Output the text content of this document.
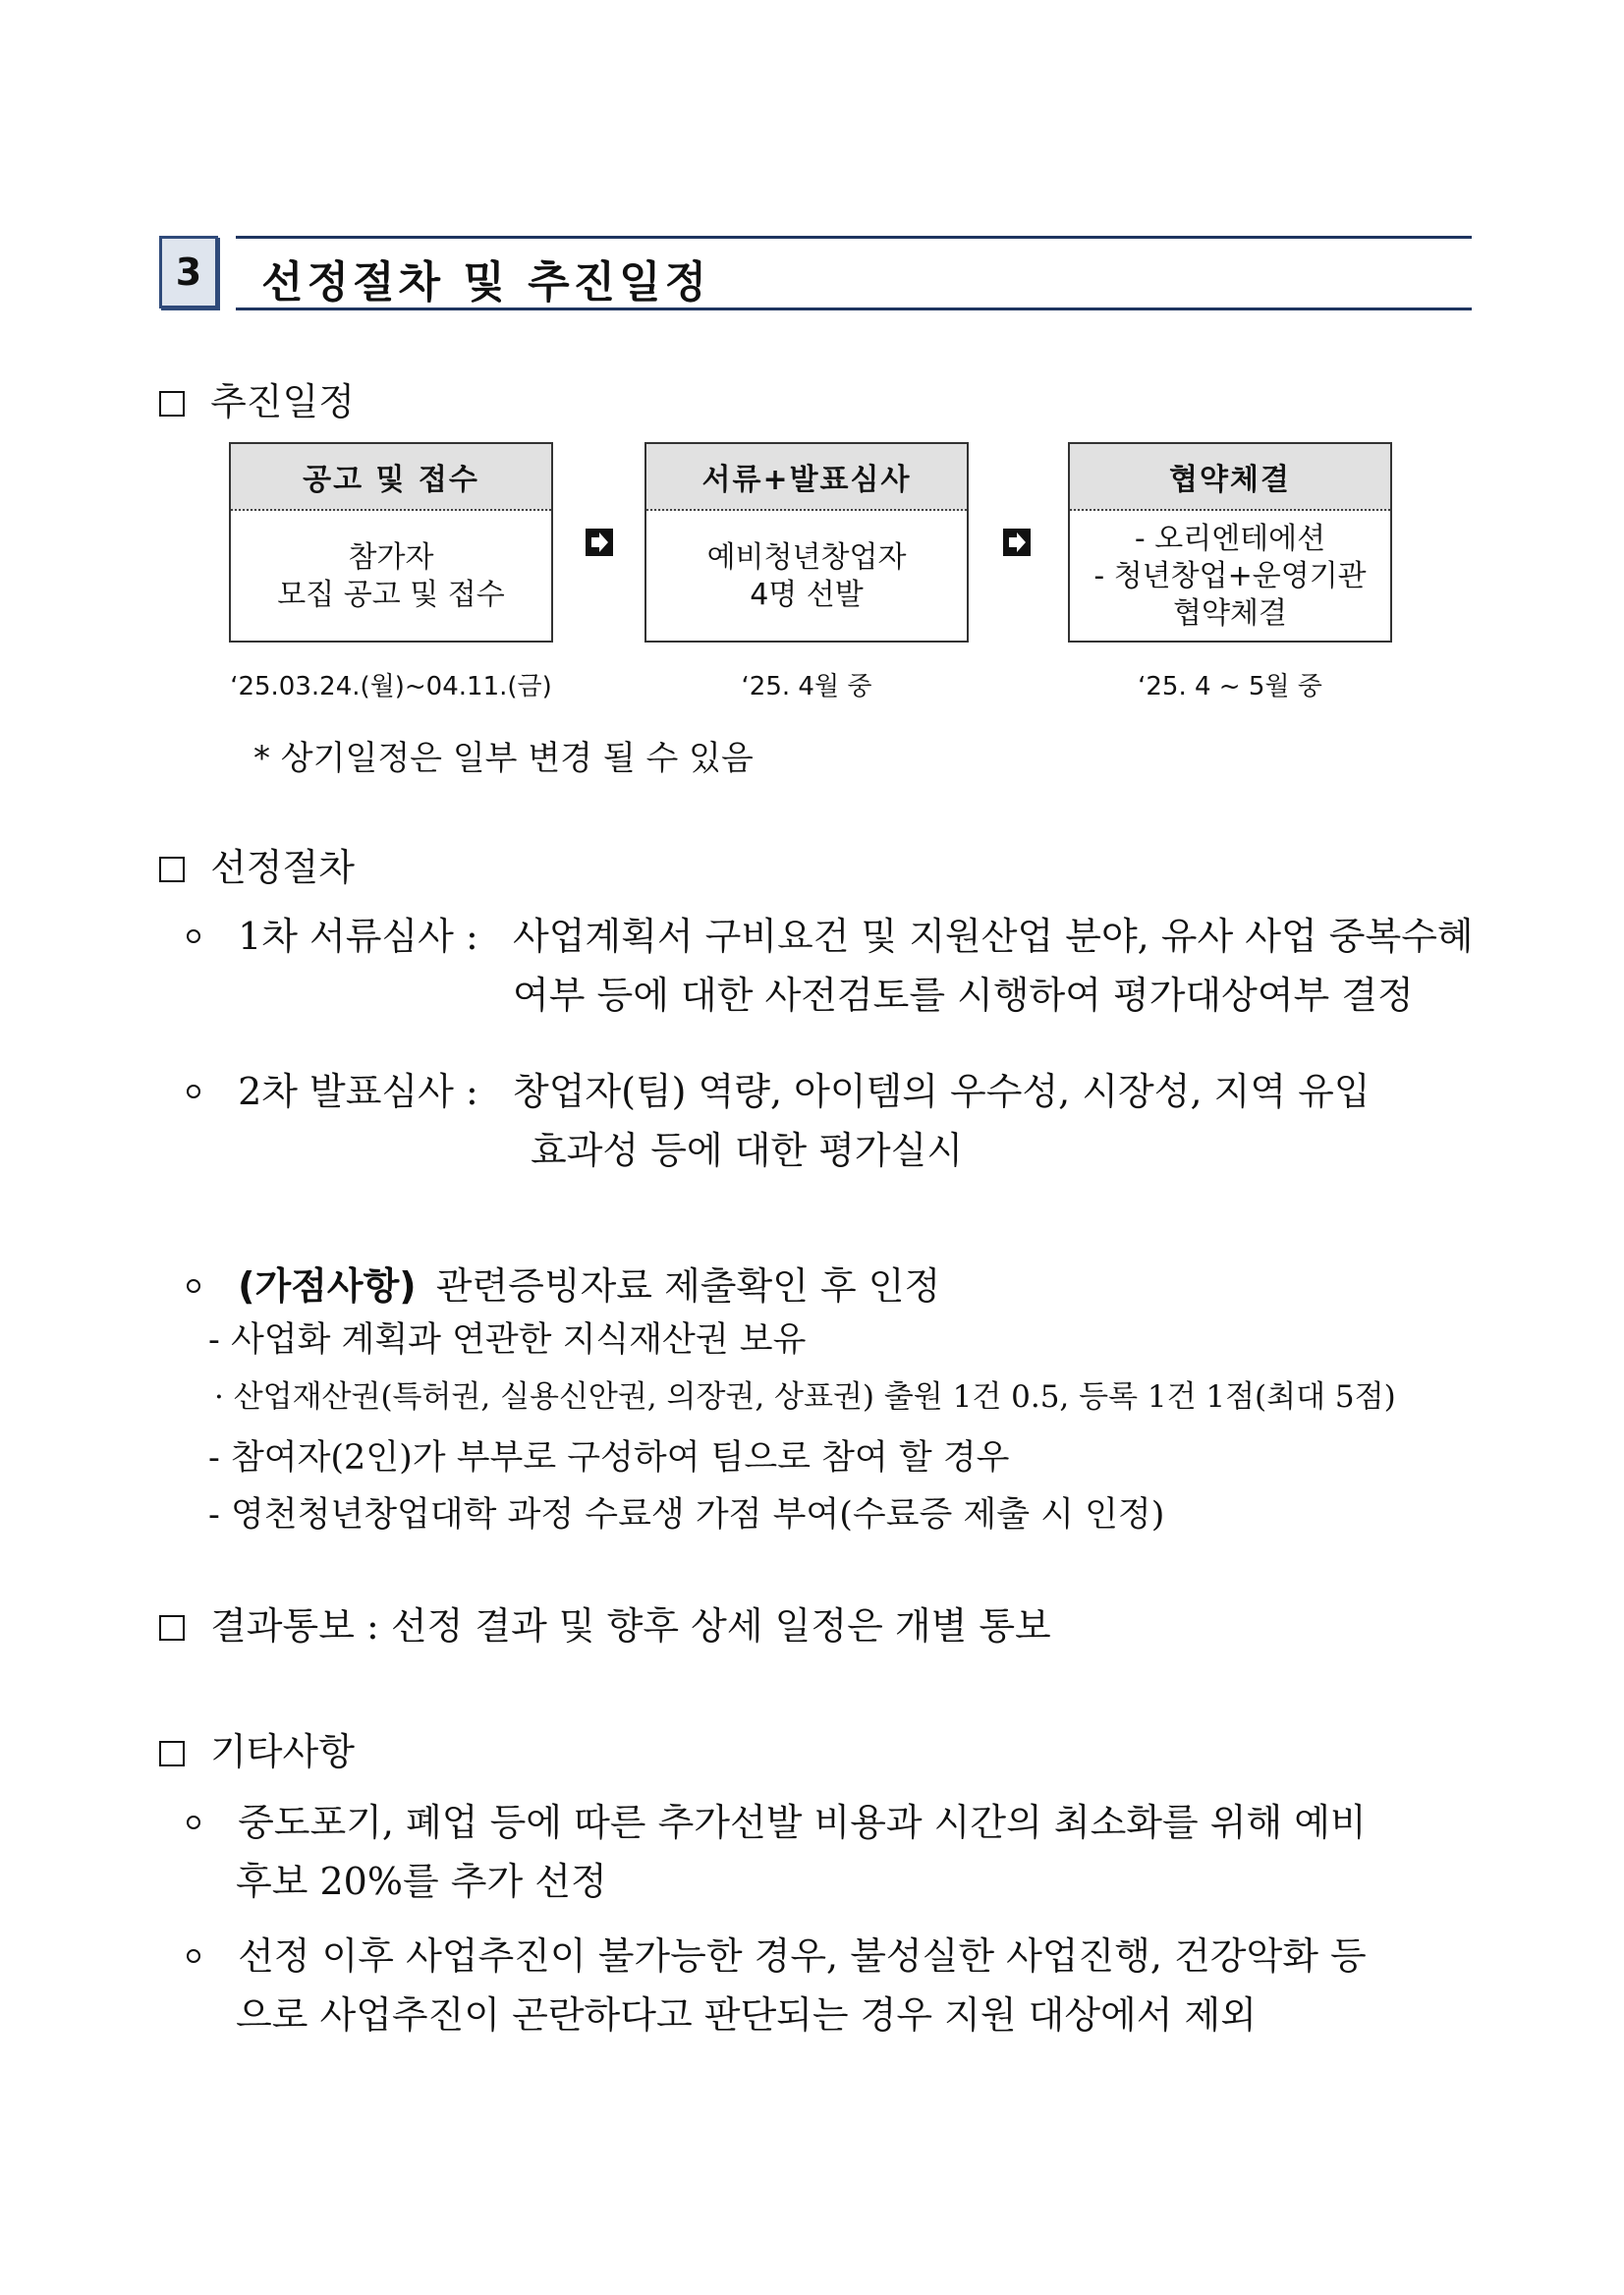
3	선정절차 및 추진일정
추진일정
공고 및 접수
참가자
모집 공고 및 접수
서류+발표심사
예비청년창업자
4명 선발
협약체결
- 오리엔테에션
- 청년창업+운영기관
협약체결
‘25.03.24.(월)~04.11.(금)	‘25. 4월 중	‘25. 4 ~ 5월 중
* 상기일정은 일부 변경 될 수 있음
선정절차
1차 서류심사 : 사업계획서 구비요건 및 지원산업 분야, 유사 사업 중복수혜
여부 등에 대한 사전검토를 시행하여 평가대상여부 결정
2차 발표심사 : 창업자(팀) 역량, 아이템의 우수성, 시장성, 지역 유입
효과성 등에 대한 평가실시
(가점사항) 관련증빙자료 제출확인 후 인정
- 사업화 계획과 연관한 지식재산권 보유
· 산업재산권(특허권, 실용신안권, 의장권, 상표권) 출원 1건 0.5, 등록 1건 1점(최대 5점)
- 참여자(2인)가 부부로 구성하여 팀으로 참여 할 경우
- 영천청년창업대학 과정 수료생 가점 부여(수료증 제출 시 인정)
결과통보 : 선정 결과 및 향후 상세 일정은 개별 통보
기타사항
중도포기, 폐업 등에 따른 추가선발 비용과 시간의 최소화를 위해 예비
후보 20%를 추가 선정
선정 이후 사업추진이 불가능한 경우, 불성실한 사업진행, 건강악화 등
으로 사업추진이 곤란하다고 판단되는 경우 지원 대상에서 제외
